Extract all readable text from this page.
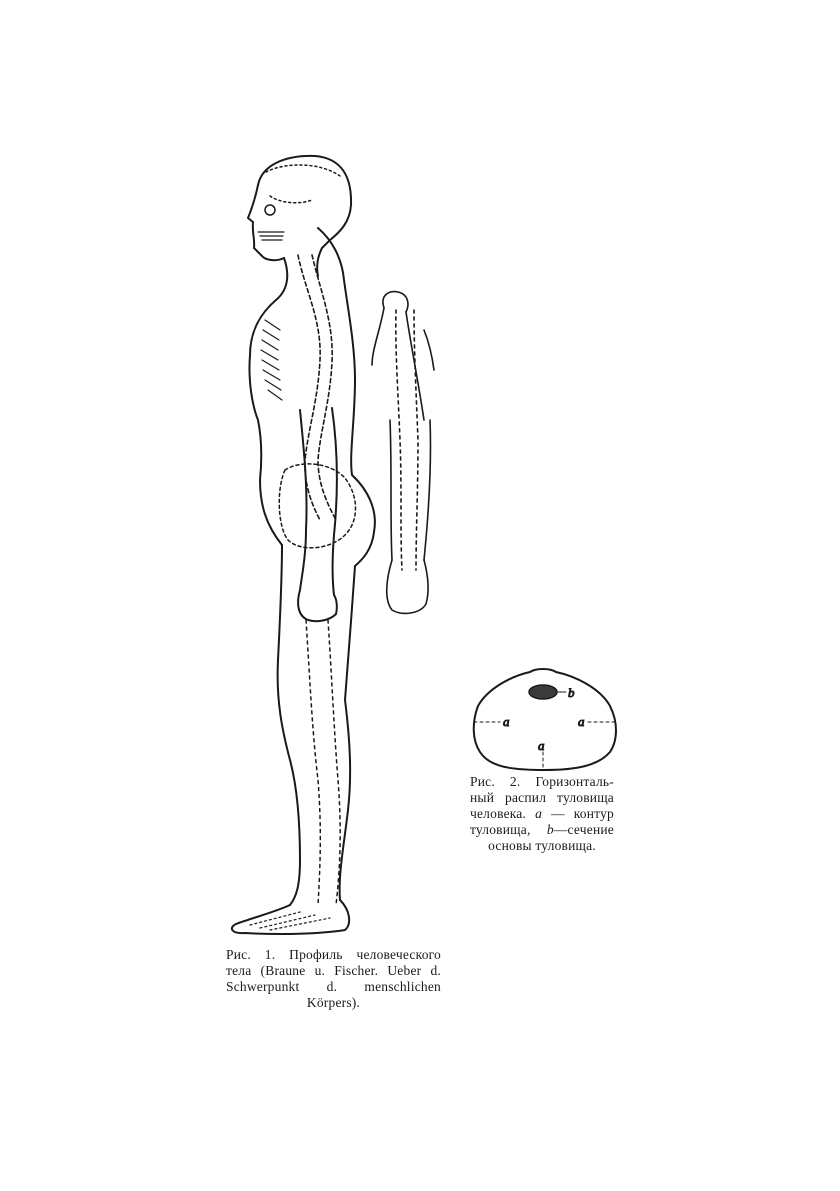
b
a	a
a

Рис. 1. Профиль человеческого

тела (Braune u. Fischer. Ueber d.

Schwerpunkt d. menschlichen

Körpers).

Рис. 2. Горизонталь-

ный распил туловища

человека. a — контур

туловища, b—сечение

основы туловища.
